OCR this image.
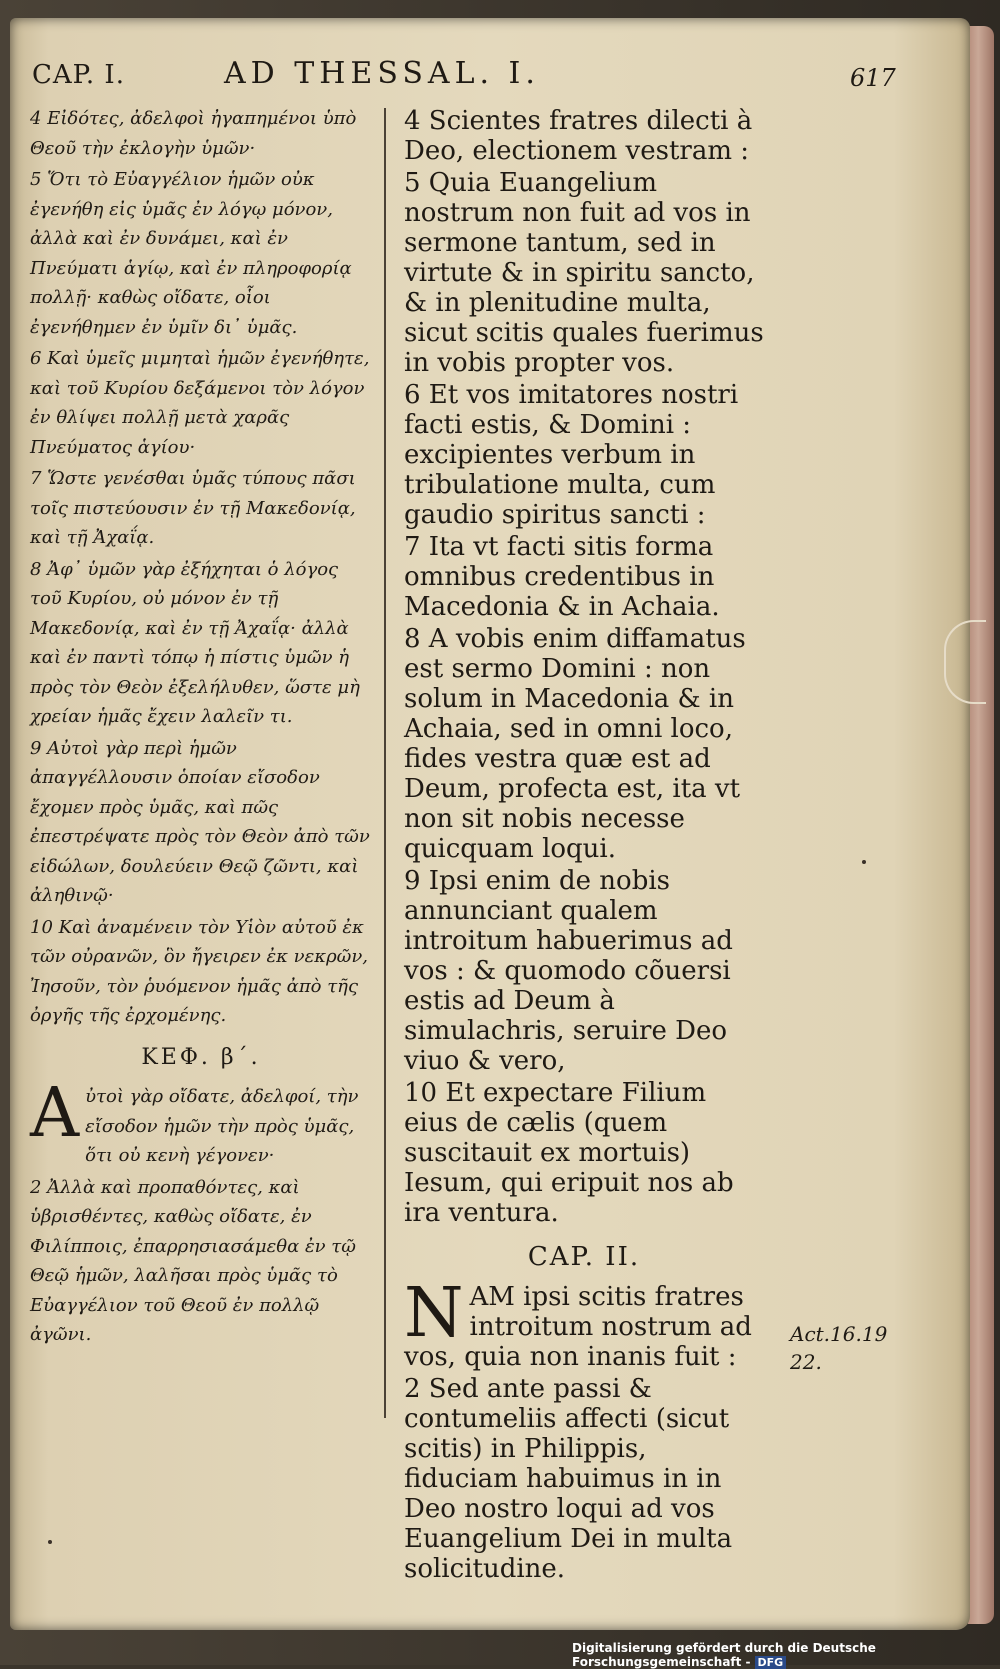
CAP. I.	AD THESSAL. I.	617

4 Εἰδότες, ἀδελφοὶ ἠγαπημένοι ὑπὸ Θεοῦ τὴν ἐκλογὴν ὑμῶν·

5 Ὅτι τὸ Εὐαγγέλιον ἡμῶν οὐκ ἐγενήθη εἰς ὑμᾶς ἐν λόγῳ μόνον, ἀλλὰ καὶ ἐν δυνάμει, καὶ ἐν Πνεύματι ἁγίῳ, καὶ ἐν πληροφορίᾳ πολλῇ· καθὼς οἴδατε, οἷοι ἐγενήθημεν ἐν ὑμῖν δι᾽ ὑμᾶς.

6 Καὶ ὑμεῖς μιμηταὶ ἡμῶν ἐγενήθητε, καὶ τοῦ Κυρίου δεξάμενοι τὸν λόγον ἐν θλίψει πολλῇ μετὰ χαρᾶς Πνεύματος ἁγίου·

7 Ὥστε γενέσθαι ὑμᾶς τύπους πᾶσι τοῖς πιστεύουσιν ἐν τῇ Μακεδονίᾳ, καὶ τῇ Ἀχαΐᾳ.

8 Ἀφ᾽ ὑμῶν γὰρ ἐξήχηται ὁ λόγος τοῦ Κυρίου, οὐ μόνον ἐν τῇ Μακεδονίᾳ, καὶ ἐν τῇ Ἀχαΐᾳ· ἀλλὰ καὶ ἐν παντὶ τόπῳ ἡ πίστις ὑμῶν ἡ πρὸς τὸν Θεὸν ἐξελήλυθεν, ὥστε μὴ χρείαν ἡμᾶς ἔχειν λαλεῖν τι.

9 Αὐτοὶ γὰρ περὶ ἡμῶν ἀπαγγέλλουσιν ὁποίαν εἴσοδον ἔχομεν πρὸς ὑμᾶς, καὶ πῶς ἐπεστρέψατε πρὸς τὸν Θεὸν ἀπὸ τῶν εἰδώλων, δουλεύειν Θεῷ ζῶντι, καὶ ἀληθινῷ·

10 Καὶ ἀναμένειν τὸν Υἱὸν αὐτοῦ ἐκ τῶν οὐρανῶν, ὃν ἤγειρεν ἐκ νεκρῶν, Ἰησοῦν, τὸν ῥυόμενον ἡμᾶς ἀπὸ τῆς ὀργῆς τῆς ἐρχομένης.

ΚΕΦ. β΄.

Αὐτοὶ γὰρ οἴδατε, ἀδελφοί, τὴν εἴσοδον ἡμῶν τὴν πρὸς ὑμᾶς, ὅτι οὐ κενὴ γέγονεν·

2 Ἀλλὰ καὶ προπαθόντες, καὶ ὑβρισθέντες, καθὼς οἴδατε, ἐν Φιλίπποις, ἐπαρρησιασάμεθα ἐν τῷ Θεῷ ἡμῶν, λαλῆσαι πρὸς ὑμᾶς τὸ Εὐαγγέλιον τοῦ Θεοῦ ἐν πολλῷ ἀγῶνι.

4 Scientes fratres dilecti à Deo, electionem vestram :

5 Quia Euangelium nostrum non fuit ad vos in sermone tantum, sed in virtute & in spiritu sancto, & in plenitudine multa, sicut scitis quales fuerimus in vobis propter vos.

6 Et vos imitatores nostri facti estis, & Domini : excipientes verbum in tribulatione multa, cum gaudio spiritus sancti :

7 Ita vt facti sitis forma omnibus credentibus in Macedonia & in Achaia.

8 A vobis enim diffamatus est sermo Domini : non solum in Macedonia & in Achaia, sed in omni loco, fides vestra quæ est ad Deum, profecta est, ita vt non sit nobis necesse quicquam loqui.

9 Ipsi enim de nobis annunciant qualem introitum habuerimus ad vos : & quomodo cõuersi estis ad Deum à simulachris, seruire Deo viuo & vero,

10 Et expectare Filium eius de cælis (quem suscitauit ex mortuis) Iesum, qui eripuit nos ab ira ventura.

CAP. II.

NAM ipsi scitis fratres introitum nostrum ad vos, quia non inanis fuit :

2 Sed ante passi & contumeliis affecti (sicut scitis) in Philippis, fiduciam habuimus in in Deo nostro loqui ad vos Euangelium Dei in multa solicitudine.

Act.16.19
22.
Digitalisierung gefördert durch die Deutsche Forschungsgemeinschaft - DFG
